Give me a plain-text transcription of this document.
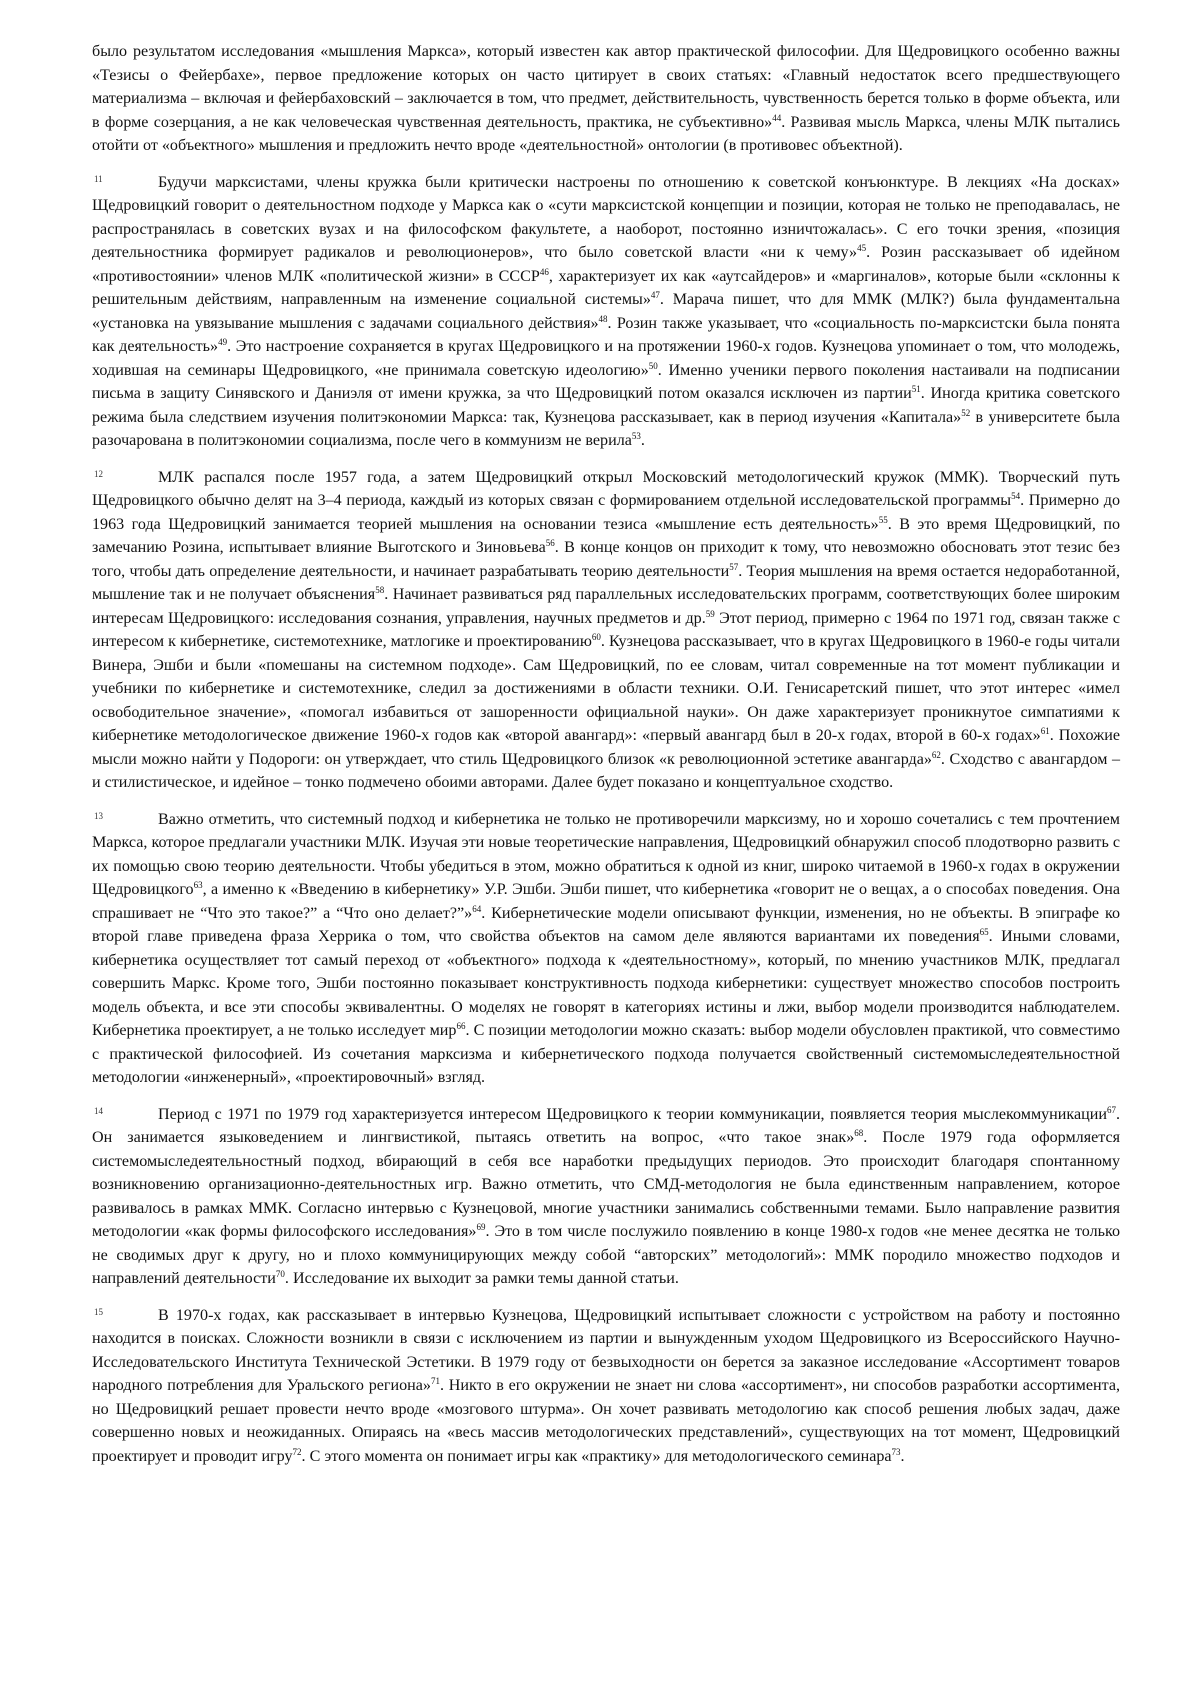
было результатом исследования «мышления Маркса», который известен как автор практической философии. Для Щедровицкого особенно важны «Тезисы о Фейербахе», первое предложение которых он часто цитирует в своих статьях: «Главный недостаток всего предшествующего материализма – включая и фейербаховский – заключается в том, что предмет, действительность, чувственность берется только в форме объекта, или в форме созерцания, а не как человеческая чувственная деятельность, практика, не субъективно»44. Развивая мысль Маркса, члены МЛК пытались отойти от «объектного» мышления и предложить нечто вроде «деятельностной» онтологии (в противовес объектной).

11	Будучи марксистами, члены кружка были критически настроены по отношению к советской конъюнктуре. В лекциях «На досках» Щедровицкий говорит о деятельностном подходе у Маркса как о «сути марксистской концепции и позиции, которая не только не преподавалась, не распространялась в советских вузах и на философском факультете, а наоборот, постоянно изничтожалась». С его точки зрения, «позиция деятельностника формирует радикалов и революционеров», что было советской власти «ни к чему»45. Розин рассказывает об идейном «противостоянии» членов МЛК «политической жизни» в СССР46, характеризует их как «аутсайдеров» и «маргиналов», которые были «склонны к решительным действиям, направленным на изменение социальной системы»47. Марача пишет, что для ММК (МЛК?) была фундаментальна «установка на увязывание мышления с задачами социального действия»48. Розин также указывает, что «социальность по-марксистски была понята как деятельность»49. Это настроение сохраняется в кругах Щедровицкого и на протяжении 1960-х годов. Кузнецова упоминает о том, что молодежь, ходившая на семинары Щедровицкого, «не принимала советскую идеологию»50. Именно ученики первого поколения настаивали на подписании письма в защиту Синявского и Даниэля от имени кружка, за что Щедровицкий потом оказался исключен из партии51. Иногда критика советского режима была следствием изучения политэкономии Маркса: так, Кузнецова рассказывает, как в период изучения «Капитала»52 в университете была разочарована в политэкономии социализма, после чего в коммунизм не верила53.

12	МЛК распался после 1957 года, а затем Щедровицкий открыл Московский методологический кружок (ММК). Творческий путь Щедровицкого обычно делят на 3–4 периода, каждый из которых связан с формированием отдельной исследовательской программы54. Примерно до 1963 года Щедровицкий занимается теорией мышления на основании тезиса «мышление есть деятельность»55. В это время Щедровицкий, по замечанию Розина, испытывает влияние Выготского и Зиновьева56. В конце концов он приходит к тому, что невозможно обосновать этот тезис без того, чтобы дать определение деятельности, и начинает разрабатывать теорию деятельности57. Теория мышления на время остается недоработанной, мышление так и не получает объяснения58. Начинает развиваться ряд параллельных исследовательских программ, соответствующих более широким интересам Щедровицкого: исследования сознания, управления, научных предметов и др.59 Этот период, примерно с 1964 по 1971 год, связан также с интересом к кибернетике, системотехнике, матлогике и проектированию60. Кузнецова рассказывает, что в кругах Щедровицкого в 1960-е годы читали Винера, Эшби и были «помешаны на системном подходе». Сам Щедровицкий, по ее словам, читал современные на тот момент публикации и учебники по кибернетике и системотехнике, следил за достижениями в области техники. О.И. Генисаретский пишет, что этот интерес «имел освободительное значение», «помогал избавиться от зашоренности официальной науки». Он даже характеризует проникнутое симпатиями к кибернетике методологическое движение 1960-х годов как «второй авангард»: «первый авангард был в 20-х годах, второй в 60-х годах»61. Похожие мысли можно найти у Подороги: он утверждает, что стиль Щедровицкого близок «к революционной эстетике авангарда»62. Сходство с авангардом – и стилистическое, и идейное – тонко подмечено обоими авторами. Далее будет показано и концептуальное сходство.

13	Важно отметить, что системный подход и кибернетика не только не противоречили марксизму, но и хорошо сочетались с тем прочтением Маркса, которое предлагали участники МЛК. Изучая эти новые теоретические направления, Щедровицкий обнаружил способ плодотворно развить с их помощью свою теорию деятельности. Чтобы убедиться в этом, можно обратиться к одной из книг, широко читаемой в 1960-х годах в окружении Щедровицкого63, а именно к «Введению в кибернетику» У.Р. Эшби. Эшби пишет, что кибернетика «говорит не о вещах, а о способах поведения. Она спрашивает не “Что это такое?” а “Что оно делает?”»64. Кибернетические модели описывают функции, изменения, но не объекты. В эпиграфе ко второй главе приведена фраза Херрика о том, что свойства объектов на самом деле являются вариантами их поведения65. Иными словами, кибернетика осуществляет тот самый переход от «объектного» подхода к «деятельностному», который, по мнению участников МЛК, предлагал совершить Маркс. Кроме того, Эшби постоянно показывает конструктивность подхода кибернетики: существует множество способов построить модель объекта, и все эти способы эквивалентны. О моделях не говорят в категориях истины и лжи, выбор модели производится наблюдателем. Кибернетика проектирует, а не только исследует мир66. С позиции методологии можно сказать: выбор модели обусловлен практикой, что совместимо с практической философией. Из сочетания марксизма и кибернетического подхода получается свойственный системомыследеятельностной методологии «инженерный», «проектировочный» взгляд.

14	Период с 1971 по 1979 год характеризуется интересом Щедровицкого к теории коммуникации, появляется теория мыслекоммуникации67. Он занимается языковедением и лингвистикой, пытаясь ответить на вопрос, «что такое знак»68. После 1979 года оформляется системомыследеятельностный подход, вбирающий в себя все наработки предыдущих периодов. Это происходит благодаря спонтанному возникновению организационно-деятельностных игр. Важно отметить, что СМД-методология не была единственным направлением, которое развивалось в рамках ММК. Согласно интервью с Кузнецовой, многие участники занимались собственными темами. Было направление развития методологии «как формы философского исследования»69. Это в том числе послужило появлению в конце 1980-х годов «не менее десятка не только не сводимых друг к другу, но и плохо коммуницирующих между собой “авторских” методологий»: ММК породило множество подходов и направлений деятельности70. Исследование их выходит за рамки темы данной статьи.

15	В 1970-х годах, как рассказывает в интервью Кузнецова, Щедровицкий испытывает сложности с устройством на работу и постоянно находится в поисках. Сложности возникли в связи с исключением из партии и вынужденным уходом Щедровицкого из Всероссийского Научно-Исследовательского Института Технической Эстетики. В 1979 году от безвыходности он берется за заказное исследование «Ассортимент товаров народного потребления для Уральского региона»71. Никто в его окружении не знает ни слова «ассортимент», ни способов разработки ассортимента, но Щедровицкий решает провести нечто вроде «мозгового штурма». Он хочет развивать методологию как способ решения любых задач, даже совершенно новых и неожиданных. Опираясь на «весь массив методологических представлений», существующих на тот момент, Щедровицкий проектирует и проводит игру72. С этого момента он понимает игры как «практику» для методологического семинара73.
